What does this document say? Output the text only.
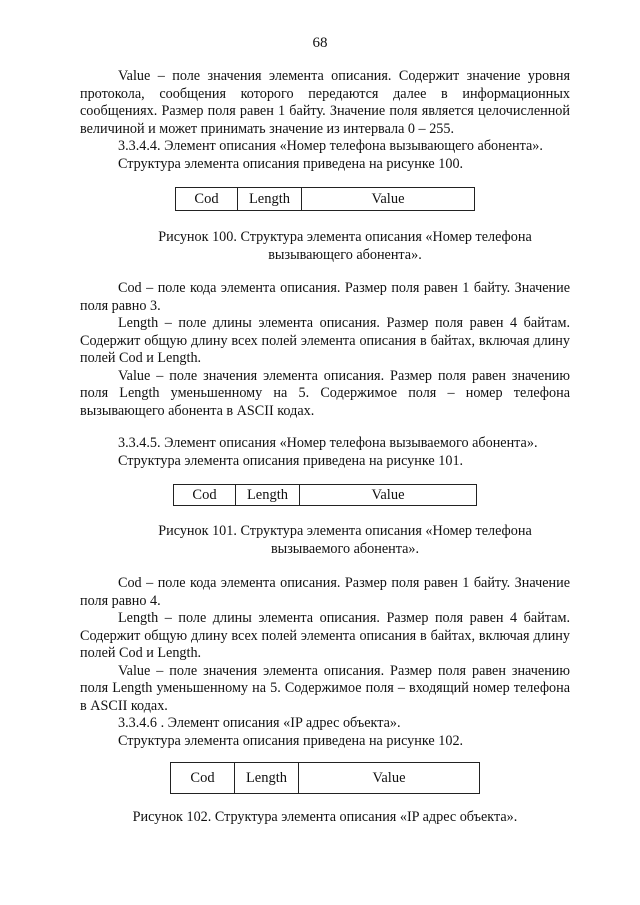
68

Value – поле значения элемента описания. Содержит значение уровня протокола, сообщения которого передаются далее в информационных сообщениях. Размер поля равен 1 байту. Значение поля является целочисленной величиной и может принимать значение из интервала 0 – 255.

3.3.4.4. Элемент описания «Номер телефона вызывающего абонента».

Структура элемента описания приведена на рисунке 100.

Cod	Length	Value
Рисунок 100. Структура элемента описания «Номер телефона вызывающего абонента».

Cod – поле кода элемента описания. Размер поля равен 1 байту. Значение поля равно 3.

Length – поле длины элемента описания. Размер поля равен 4 байтам. Содержит общую длину всех полей элемента описания в байтах, включая длину полей Cod и Length.

Value – поле значения элемента описания. Размер поля равен значению поля Length уменьшенному на 5. Содержимое поля – номер телефона вызывающего абонента в ASCII кодах.

3.3.4.5. Элемент описания «Номер телефона вызываемого абонента».

Структура элемента описания приведена на рисунке 101.

Cod	Length	Value
Рисунок 101. Структура элемента описания «Номер телефона вызываемого абонента».

Cod – поле кода элемента описания. Размер поля равен 1 байту. Значение поля равно 4.

Length – поле длины элемента описания. Размер поля равен 4 байтам. Содержит общую длину всех полей элемента описания в байтах, включая длину полей Cod и Length.

Value – поле значения элемента описания. Размер поля равен значению поля Length уменьшенному на 5. Содержимое поля – входящий номер телефона в ASCII кодах.

3.3.4.6 . Элемент описания «IP адрес объекта».

Структура элемента описания приведена на рисунке 102.

Cod	Length	Value
Рисунок 102. Структура элемента описания «IP адрес объекта».
